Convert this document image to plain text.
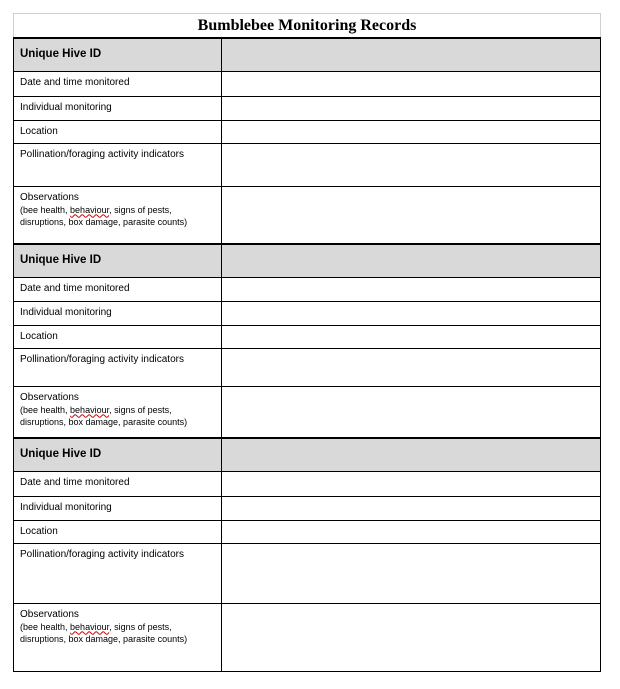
Bumblebee Monitoring Records
Unique Hive ID	
Date and time monitored	
Individual monitoring	
Location	
Pollination/foraging activity indicators	
Observations
(bee health, behaviour, signs of pests,
disruptions, box damage, parasite counts)	

Unique Hive ID	
Date and time monitored	
Individual monitoring	
Location	
Pollination/foraging activity indicators	
Observations
(bee health, behaviour, signs of pests,
disruptions, box damage, parasite counts)	

Unique Hive ID	
Date and time monitored	
Individual monitoring	
Location	
Pollination/foraging activity indicators	
Observations
(bee health, behaviour, signs of pests,
disruptions, box damage, parasite counts)	
